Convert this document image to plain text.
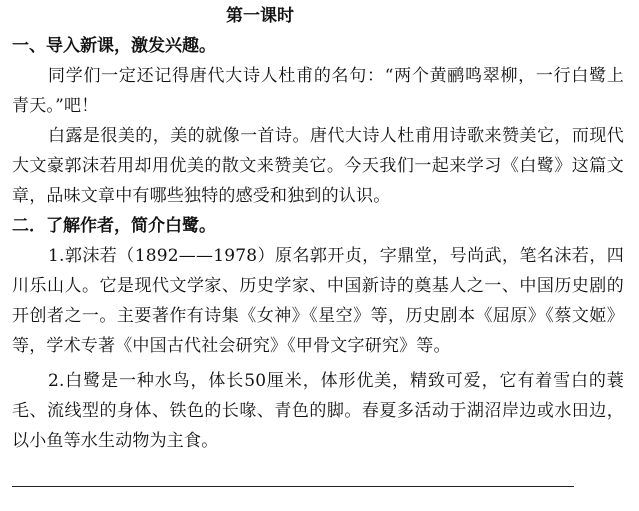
第一课时
一、导入新课，激发兴趣。
同学们一定还记得唐代大诗人杜甫的名句：“两个黄鹂鸣翠柳，一行白鹭上青天。”吧！
白露是很美的，美的就像一首诗。唐代大诗人杜甫用诗歌来赞美它，而现代大文豪郭沫若用却用优美的散文来赞美它。今天我们一起来学习《白鹭》这篇文章，品味文章中有哪些独特的感受和独到的认识。
二．了解作者，简介白鹭。
1.郭沫若（1892——1978）原名郭开贞，字鼎堂，号尚武，笔名沫若，四川乐山人。它是现代文学家、历史学家、中国新诗的奠基人之一、中国历史剧的开创者之一。主要著作有诗集《女神》《星空》等，历史剧本《屈原》《蔡文姬》等，学术专著《中国古代社会研究》《甲骨文字研究》等。
2.白鹭是一种水鸟，体长50厘米，体形优美，精致可爱，它有着雪白的蓑毛、流线型的身体、铁色的长喙、青色的脚。春夏多活动于湖沼岸边或水田边，以小鱼等水生动物为主食。
